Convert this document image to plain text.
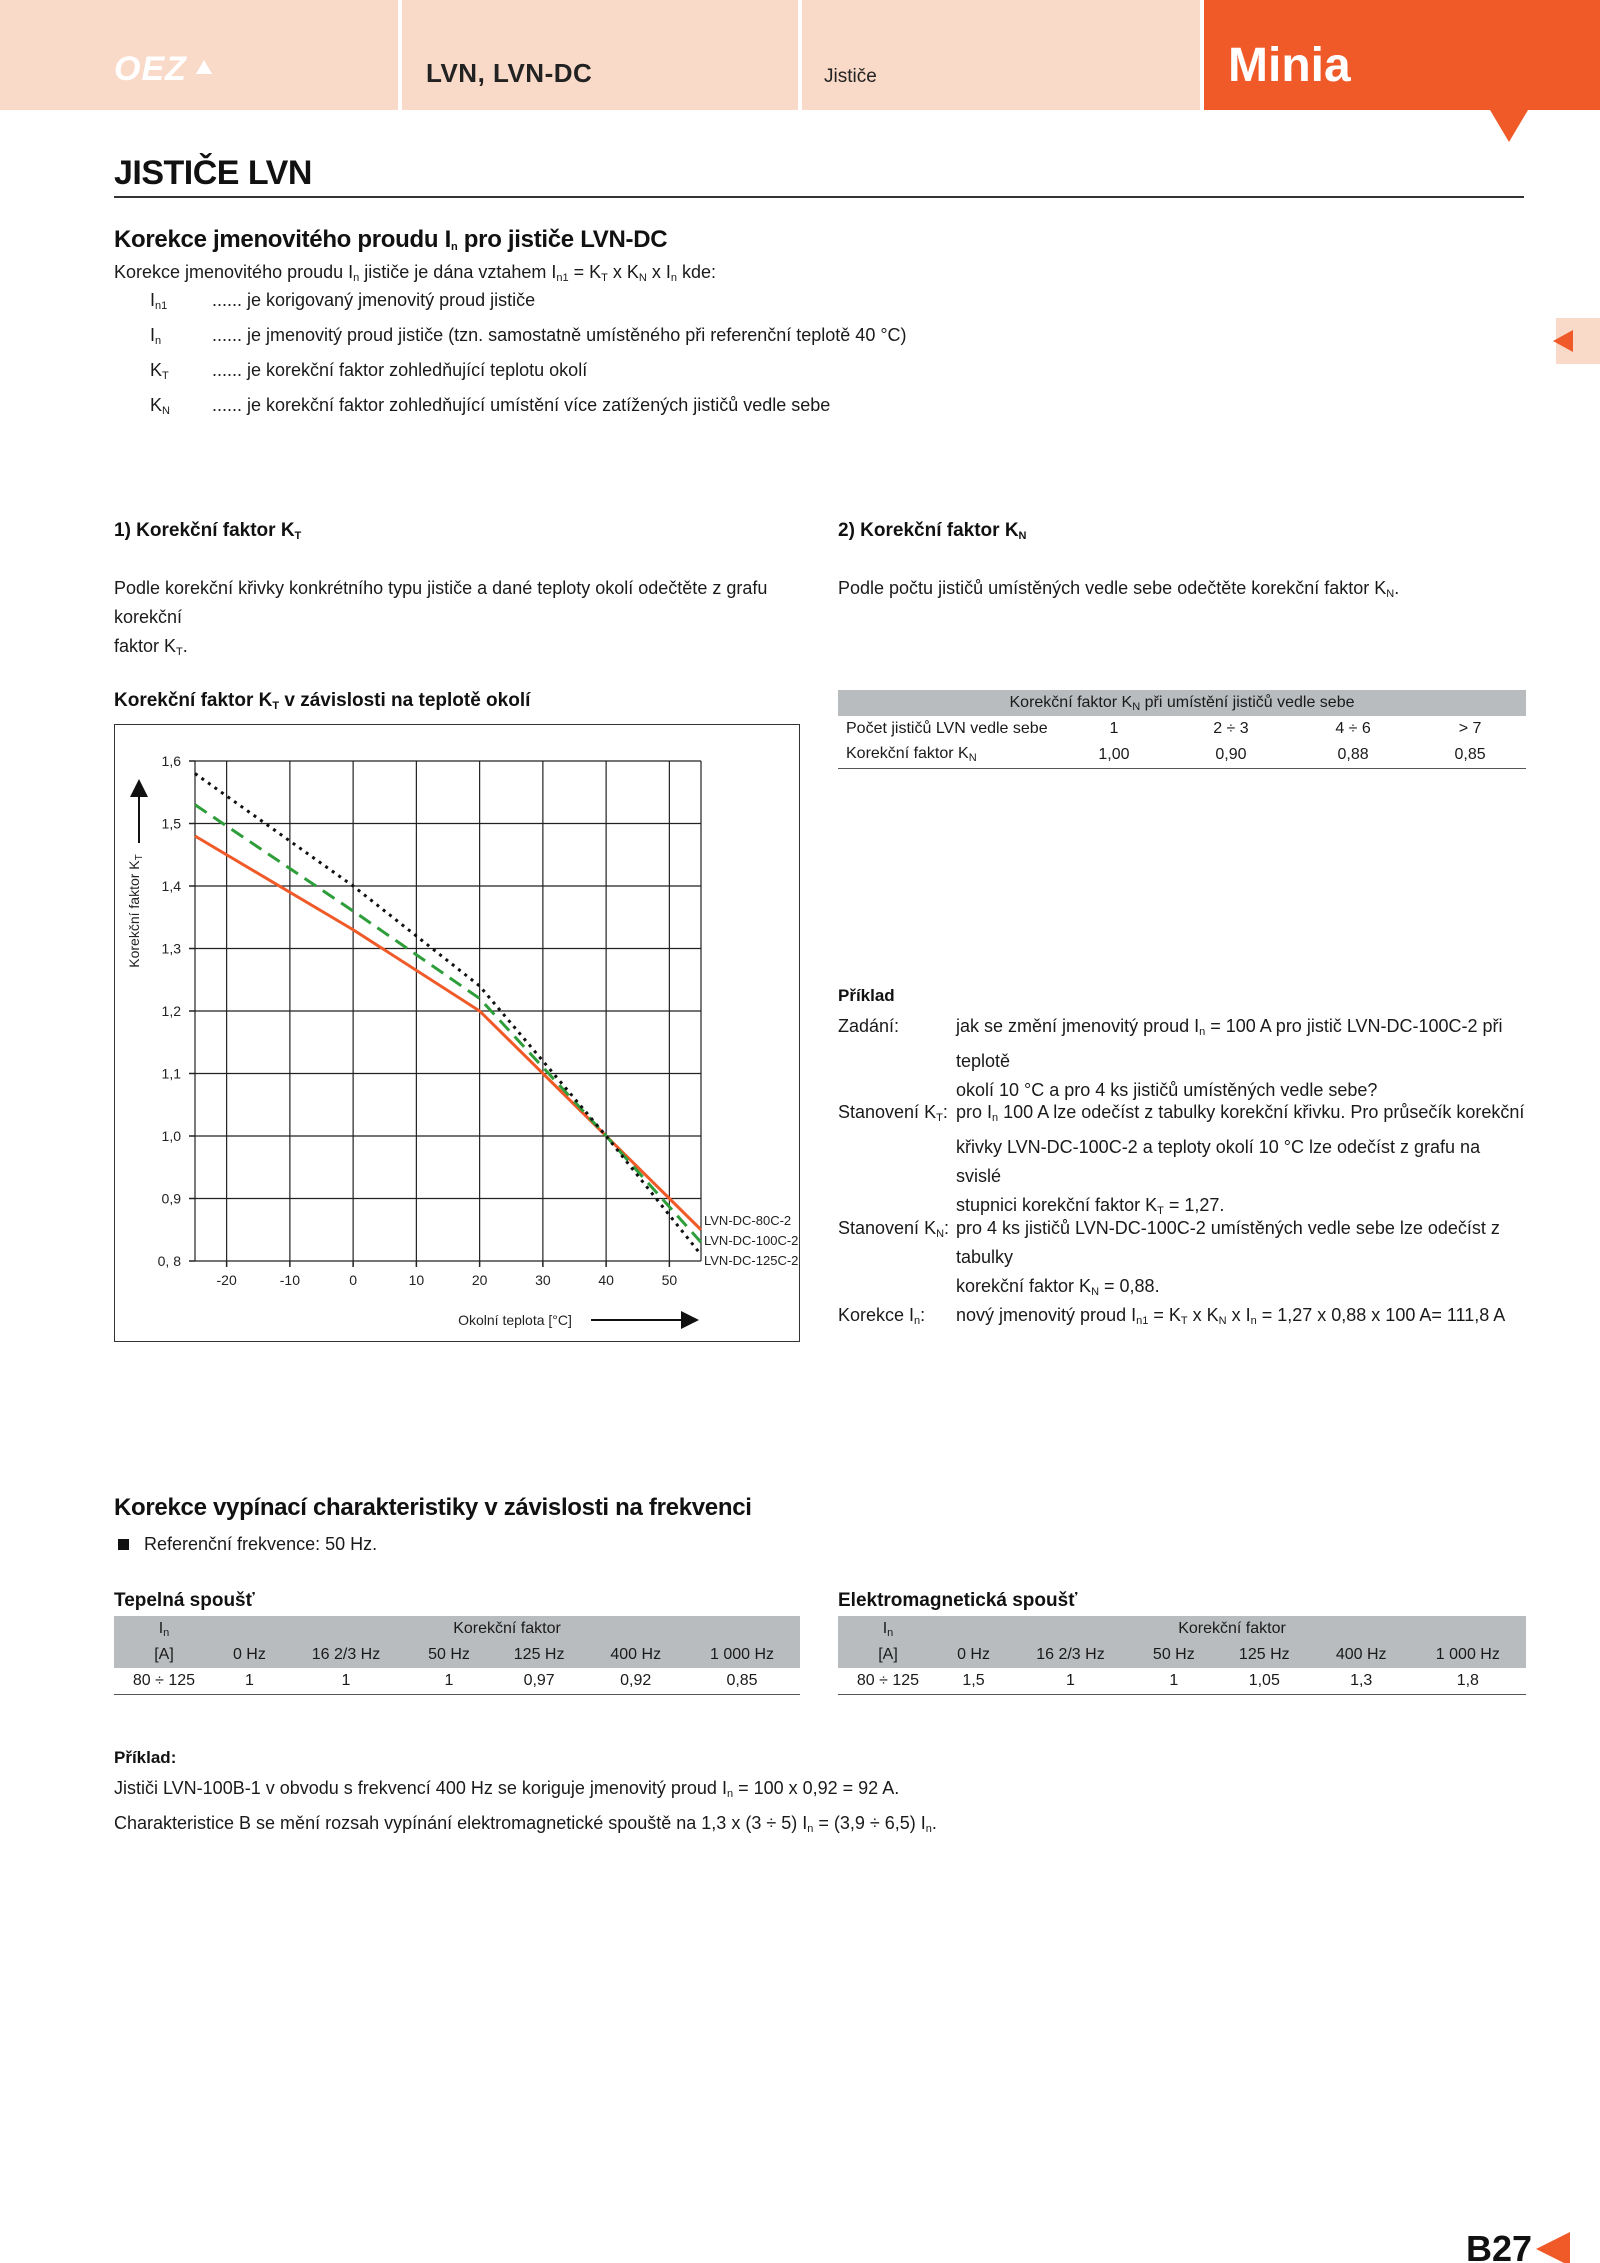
OEZ	LVN, LVN-DC	Jističe	Minia
JISTIČE LVN
Korekce jmenovitého proudu $I_n$ pro jističe LVN-DC
Korekce jmenovitého proudu $I_n$ jističe je dána vztahem $I_{n1} = K_T$ x $K_N$ x $I_n$ kde:
$I_{n1}$ ...... je korigovaný jmenovitý proud jističe
$I_n$	...... je jmenovitý proud jističe (tzn. samostatně umístěného při referenční teplotě 40 °C)
$K_T$ ...... je korekční faktor zohledňující teplotu okolí
$K_N$ ...... je korekční faktor zohledňující umístění více zatížených jističů vedle sebe
1) Korekční faktor $K_T$
Podle korekční křivky konkrétního typu jističe a dané teploty okolí odečtěte z grafu korekční
faktor $K_T$.
2) Korekční faktor $K_N$
Podle počtu jističů umístěných vedle sebe odečtěte korekční faktor $K_N$.
Korekční faktor $K_T$ v závislosti na teplotě okolí
-20	-10	0	10	20	30	40	50
0, 8
0,9
1,0
1,1
1,2
1,3
1,4
1,5
1,6
LVN-DC-80C-2
LVN-DC-100C-2
LVN-DC-125C-2
Korekční faktor $K_T$
Okolní teplota [°C]
Korekční faktor $K_N$ při umístění jističů vedle sebe				
Počet jističů LVN vedle sebe	1	2 ÷ 3	4 ÷ 6	> 7
Korekční faktor $K_N$	1,00	0,90	0,88	0,85
Příklad
Zadání:	jak se změní jmenovitý proud $I_n = 100$ A pro jistič LVN-DC-100C-2 při teplotě
okolí 10 °C a pro 4 ks jističů umístěných vedle sebe?
Stanovení $K_T$: pro $I_n$ 100 A lze odečíst z tabulky korekční křivku. Pro průsečík korekční
křivky LVN-DC-100C-2 a teploty okolí 10 °C lze odečíst z grafu na svislé
stupnici korekční faktor $K_T = 1,27$.
Stanovení $K_N$: pro 4 ks jističů LVN-DC-100C-2 umístěných vedle sebe lze odečíst z tabulky
korekční faktor $K_N = 0,88$.
Korekce $I_n$: nový jmenovitý proud $I_{n1} = K_T$ x $K_N$ x $I_n = 1,27$ x 0,88 x 100 A= 111,8 A
Korekce vypínací charakteristiky v závislosti na frekvenci
Referenční frekvence: 50 Hz.
Tepelná spoušť
$I_n$	Korekční faktor					
[A]	0 Hz	16 2/3 Hz	50 Hz	125 Hz	400 Hz	1 000 Hz
80 ÷ 125	1	1	1	0,97	0,92	0,85
Elektromagnetická spoušť
$I_n$	Korekční faktor					
[A]	0 Hz	16 2/3 Hz	50 Hz	125 Hz	400 Hz	1 000 Hz
80 ÷ 125	1,5	1	1	1,05	1,3	1,8
Příklad:
Jističi LVN-100B-1 v obvodu s frekvencí 400 Hz se koriguje jmenovitý proud $I_n = 100$ x 0,92 = 92 A.
Charakteristice B se mění rozsah vypínání elektromagnetické spouště na 1,3 x (3 ÷ 5) $I_n = (3,9 \div 6,5)$ $I_n$.
B27
